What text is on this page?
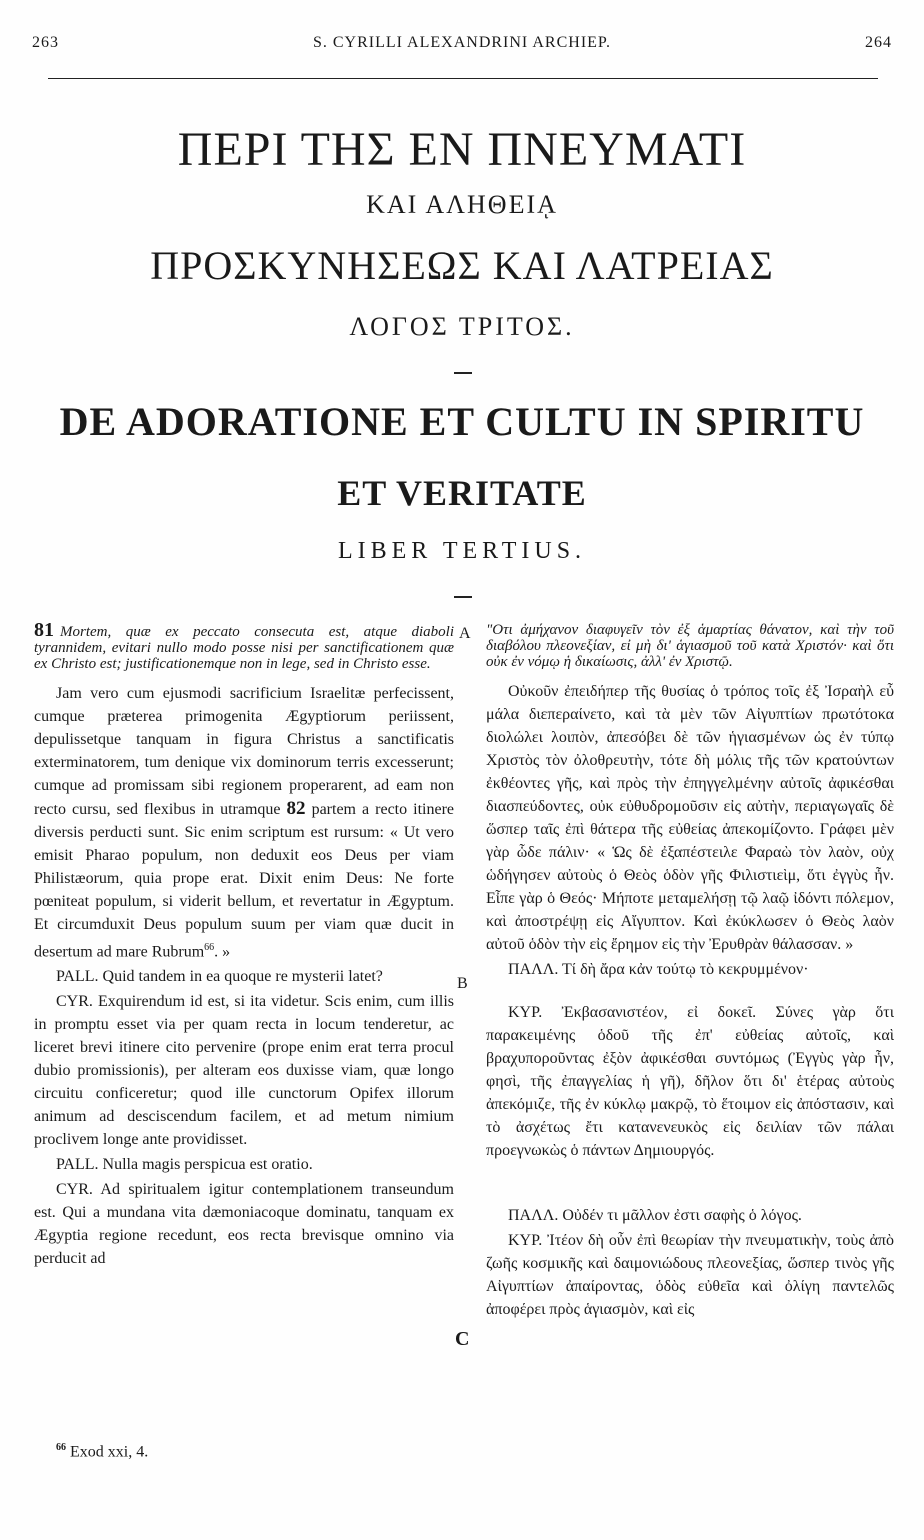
263	S. CYRILLI ALEXANDRINI ARCHIEP.	264
ΠΕΡΙ ΤΗΣ ΕΝ ΠΝΕΥΜΑΤΙ
ΚΑΙ ΑΛΗΘΕΙᾼ
ΠΡΟΣΚΥΝΗΣΕΩΣ ΚΑΙ ΛΑΤΡΕΙΑΣ
ΛΟΓΟΣ ΤΡΙΤΟΣ.
DE ADORATIONE ET CULTU IN SPIRITU
ET VERITATE
LIBER TERTIUS.

81 Mortem, quæ ex peccato consecuta est, atque diaboli tyrannidem, evitari nullo modo posse nisi per sanctificationem quæ ex Christo est; justificationemque non in lege, sed in Christo esse.

Jam vero cum ejusmodi sacrificium Israelitæ perfecissent, cumque præterea primogenita Ægyptiorum periissent, depulissetque tanquam in figura Christus a sanctificatis exterminatorem, tum denique vix dominorum terris excesserunt; cumque ad promissam sibi regionem properarent, ad eam non recto cursu, sed flexibus in utramque 82 partem a recto itinere diversis perducti sunt. Sic enim scriptum est rursum: « Ut vero emisit Pharao populum, non deduxit eos Deus per viam Philistæorum, quia prope erat. Dixit enim Deus: Ne forte pœniteat populum, si viderit bellum, et revertatur in Ægyptum. Et circumduxit Deus populum suum per viam quæ ducit in desertum ad mare Rubrum$^{66}$. »

PALL. Quid tandem in ea quoque re mysterii latet?

CYR. Exquirendum id est, si ita videtur. Scis enim, cum illis in promptu esset via per quam recta in locum tenderetur, ac liceret brevi itinere cito pervenire (prope enim erat terra procul dubio promissionis), per alteram eos duxisse viam, quæ longo circuitu conficeretur; quod ille cunctorum Opifex illorum animum ad desciscendum facilem, et ad metum nimium proclivem longe ante providisset.

PALL. Nulla magis perspicua est oratio.

CYR. Ad spiritualem igitur contemplationem transeundum est. Qui a mundana vita dæmoniacoque dominatu, tanquam ex Ægyptia regione recedunt, eos recta brevisque omnino via perducit ad

A
B
C

"Οτι ἀμήχανον διαφυγεῖν τὸν ἐξ ἁμαρτίας θάνατον, καὶ τὴν τοῦ διαβόλου πλεονεξίαν, εἰ μὴ δι' ἁγιασμοῦ τοῦ κατὰ Χριστόν· καὶ ὅτι οὐκ ἐν νόμῳ ἡ δικαίωσις, ἀλλ' ἐν Χριστῷ.

Οὐκοῦν ἐπειδήπερ τῆς θυσίας ὁ τρόπος τοῖς ἐξ Ἰσραὴλ εὖ μάλα διεπεραίνετο, καὶ τὰ μὲν τῶν Αἰγυπτίων πρωτότοκα διολώλει λοιπὸν, ἀπεσόβει δὲ τῶν ἡγιασμένων ὡς ἐν τύπῳ Χριστὸς τὸν ὀλοθρευτὴν, τότε δὴ μόλις τῆς τῶν κρατούντων ἐκθέοντες γῆς, καὶ πρὸς τὴν ἐπηγγελμένην αὐτοῖς ἀφικέσθαι διασπεύδοντες, οὐκ εὐθυδρομοῦσιν εἰς αὐτὴν, περιαγωγαῖς δὲ ὥσπερ ταῖς ἐπὶ θάτερα τῆς εὐθείας ἀπεκομίζοντο. Γράφει μὲν γὰρ ὧδε πάλιν· « Ὡς δὲ ἐξαπέστειλε Φαραὼ τὸν λαὸν, οὐχ ὡδήγησεν αὐτοὺς ὁ Θεὸς ὁδὸν γῆς Φιλιστιεὶμ, ὅτι ἐγγὺς ἦν. Εἶπε γὰρ ὁ Θεός· Μήποτε μεταμελήσῃ τῷ λαῷ ἰδόντι πόλεμον, καὶ ἀποστρέψῃ εἰς Αἴγυπτον. Καὶ ἐκύκλωσεν ὁ Θεὸς λαὸν αὐτοῦ ὁδὸν τὴν εἰς ἔρημον εἰς τὴν Ἐρυθρὰν θάλασσαν. »

ΠΑΛΛ. Τί δὴ ἄρα κἀν τούτῳ τὸ κεκρυμμένον·

ΚΥΡ. Ἐκβασανιστέον, εἰ δοκεῖ. Σύνες γὰρ ὅτι παρακειμένης ὁδοῦ τῆς ἐπ' εὐθείας αὐτοῖς, καὶ βραχυποροῦντας ἐξὸν ἀφικέσθαι συντόμως (Ἐγγὺς γὰρ ἦν, φησὶ, τῆς ἐπαγγελίας ἡ γῆ), δῆλον ὅτι δι' ἑτέρας αὐτοὺς ἀπεκόμιζε, τῆς ἐν κύκλῳ μακρῷ, τὸ ἕτοιμον εἰς ἀπόστασιν, καὶ τὸ ἀσχέτως ἔτι κατανενευκὸς εἰς δειλίαν τῶν πάλαι προεγνωκὼς ὁ πάντων Δημιουργός.

ΠΑΛΛ. Οὐδέν τι μᾶλλον ἐστι σαφὴς ὁ λόγος.

ΚΥΡ. Ἰτέον δὴ οὖν ἐπὶ θεωρίαν τὴν πνευματικὴν, τοὺς ἀπὸ ζωῆς κοσμικῆς καὶ δαιμονιώδους πλεονεξίας, ὥσπερ τινὸς γῆς Αἰγυπτίων ἀπαίροντας, ὁδὸς εὐθεῖα καὶ ὀλίγη παντελῶς ἀποφέρει πρὸς ἁγιασμὸν, καὶ εἰς

$^{66}$ Exod xxi, 4.
